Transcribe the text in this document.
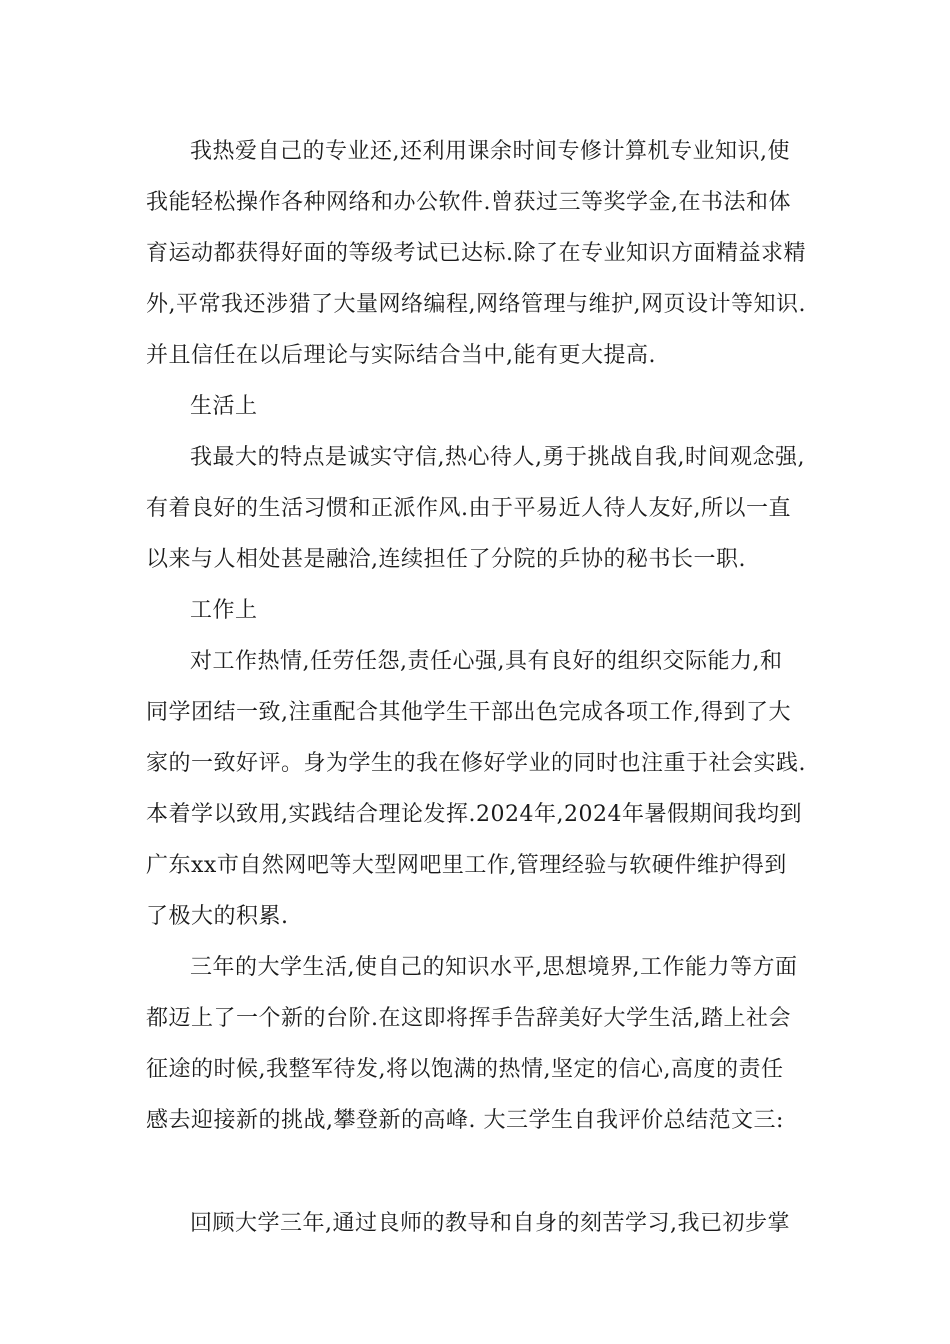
我热爱自己的专业还,还利用课余时间专修计算机专业知识,使
我能轻松操作各种网络和办公软件.曾获过三等奖学金,在书法和体
育运动都获得好面的等级考试已达标.除了在专业知识方面精益求精
外,平常我还涉猎了大量网络编程,网络管理与维护,网页设计等知识.
并且信任在以后理论与实际结合当中,能有更大提高.
生活上
我最大的特点是诚实守信,热心待人,勇于挑战自我,时间观念强,
有着良好的生活习惯和正派作风.由于平易近人待人友好,所以一直
以来与人相处甚是融洽,连续担任了分院的乒协的秘书长一职.
工作上
对工作热情,任劳任怨,责任心强,具有良好的组织交际能力,和
同学团结一致,注重配合其他学生干部出色完成各项工作,得到了大
家的一致好评。身为学生的我在修好学业的同时也注重于社会实践.
本着学以致用,实践结合理论发挥.2024年,2024年暑假期间我均到
广东xx市自然网吧等大型网吧里工作,管理经验与软硬件维护得到
了极大的积累.
三年的大学生活,使自己的知识水平,思想境界,工作能力等方面
都迈上了一个新的台阶.在这即将挥手告辞美好大学生活,踏上社会
征途的时候,我整军待发,将以饱满的热情,坚定的信心,高度的责任
感去迎接新的挑战,攀登新的高峰. 大三学生自我评价总结范文三:
回顾大学三年,通过良师的教导和自身的刻苦学习,我已初步掌
